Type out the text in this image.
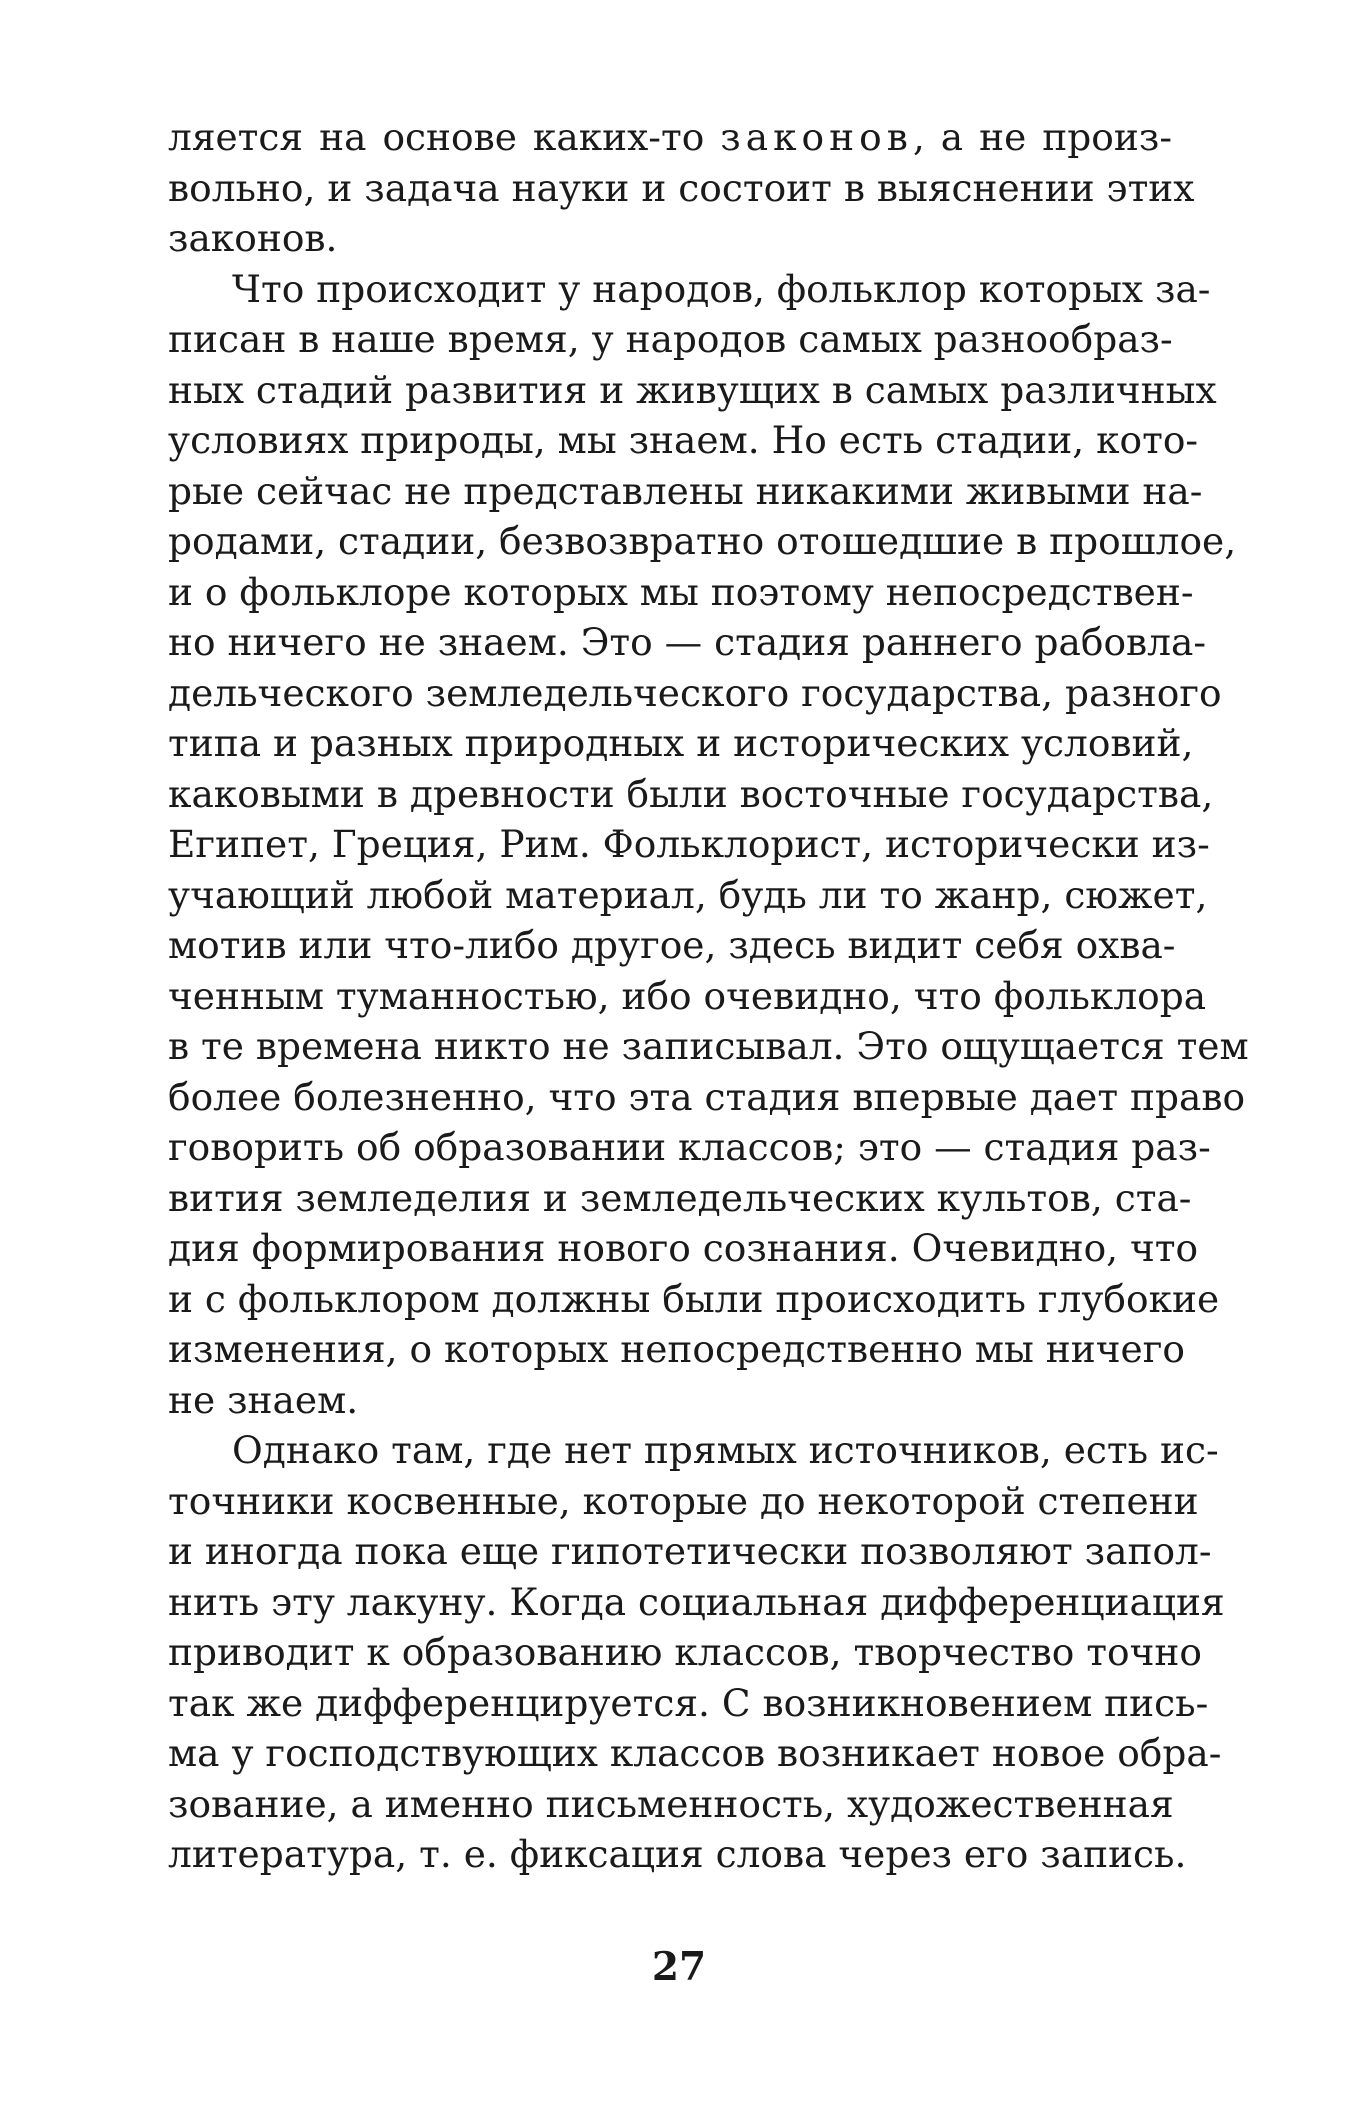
ляется на основе каких-то законов, а не произ-
вольно, и задача науки и состоит в выяснении этих
законов.
Что происходит у народов, фольклор которых за-
писан в наше время, у народов самых разнообраз-
ных стадий развития и живущих в самых различных
условиях природы, мы знаем. Но есть стадии, кото-
рые сейчас не представлены никакими живыми на-
родами, стадии, безвозвратно отошедшие в прошлое,
и о фольклоре которых мы поэтому непосредствен-
но ничего не знаем. Это — стадия раннего рабовла-
дельческого земледельческого государства, разного
типа и разных природных и исторических условий,
каковыми в древности были восточные государства,
Египет, Греция, Рим. Фольклорист, исторически из-
учающий любой материал, будь ли то жанр, сюжет,
мотив или что-либо другое, здесь видит себя охва-
ченным туманностью, ибо очевидно, что фольклора
в те времена никто не записывал. Это ощущается тем
более болезненно, что эта стадия впервые дает право
говорить об образовании классов; это — стадия раз-
вития земледелия и земледельческих культов, ста-
дия формирования нового сознания. Очевидно, что
и с фольклором должны были происходить глубокие
изменения, о которых непосредственно мы ничего
не знаем.
Однако там, где нет прямых источников, есть ис-
точники косвенные, которые до некоторой степени
и иногда пока еще гипотетически позволяют запол-
нить эту лакуну. Когда социальная дифференциация
приводит к образованию классов, творчество точно
так же дифференцируется. С возникновением пись-
ма у господствующих классов возникает новое обра-
зование, а именно письменность, художественная
литература, т. е. фиксация слова через его запись.
27
